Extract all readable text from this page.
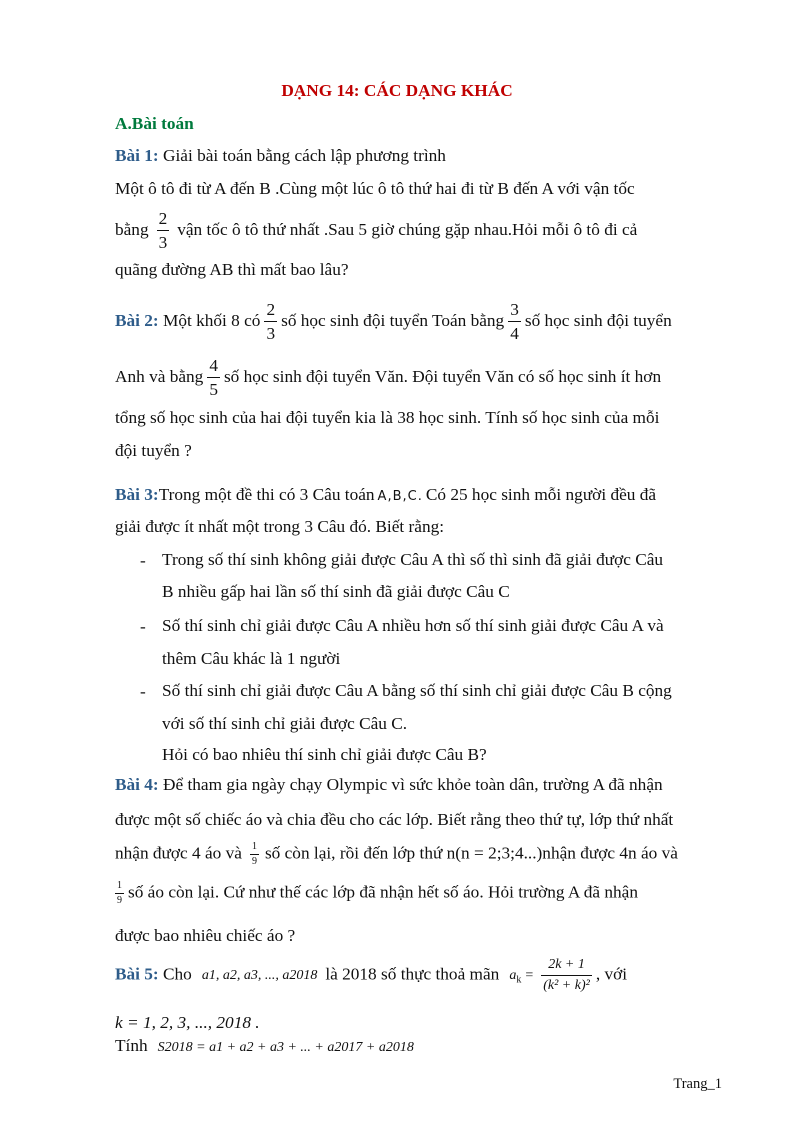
DẠNG 14: CÁC DẠNG KHÁC
A.Bài toán
Bài 1: Giải bài toán bằng cách lập phương trình
Một ô tô đi từ A đến B .Cùng một lúc ô tô thứ hai đi từ B đến A với vận tốc
bằng $\frac{2}{3}$ vận tốc ô tô thứ nhất .Sau 5 giờ chúng gặp nhau.Hỏi mỗi ô tô đi cả
quãng đường AB thì mất bao lâu?
Bài 2: Một khối 8 có $\frac{2}{3}$ số học sinh đội tuyển Toán bằng $\frac{3}{4}$ số học sinh đội tuyển
Anh và bằng $\frac{4}{5}$ số học sinh đội tuyển Văn. Đội tuyển Văn có số học sinh ít hơn
tổng số học sinh của hai đội tuyển kia là 38 học sinh. Tính số học sinh của mỗi
đội tuyển ?
Bài 3:Trong một đề thi có 3 Câu toán A,B,C. Có 25 học sinh mỗi người đều đã
giải được ít nhất một trong 3 Câu đó. Biết rằng:
- Trong số thí sinh không giải được Câu A thì số thì sinh đã giải được Câu
B nhiều gấp hai lần số thí sinh đã giải được Câu C
- Số thí sinh chỉ giải được Câu A nhiều hơn số thí sinh giải được Câu A và
thêm Câu khác là 1 người
- Số thí sinh chỉ giải được Câu A bằng số thí sinh chỉ giải được Câu B cộng
với số thí sinh chỉ giải được Câu C.
Hỏi có bao nhiêu thí sinh chỉ giải được Câu B?
Bài 4: Để tham gia ngày chạy Olympic vì sức khỏe toàn dân, trường A đã nhận
được một số chiếc áo và chia đều cho các lớp. Biết rằng theo thứ tự, lớp thứ nhất
nhận được 4 áo và $\frac{1}{9}$ số còn lại, rồi đến lớp thứ n(n = 2;3;4...)nhận được 4n áo và
$\frac{1}{9}$ số áo còn lại. Cứ như thế các lớp đã nhận hết số áo. Hỏi trường A đã nhận
được bao nhiêu chiếc áo ?
Bài 5: Cho a1, a2, a3, ..., a2018 là 2018 số thực thoả mãn $a_k = \frac{2k + 1}{\text{(k² + k)²}}$ , với
k = 1, 2, 3, ..., 2018 .
Tính S2018 = a1 + a2 + a3 + ... + a2017 + a2018
Trang_1
